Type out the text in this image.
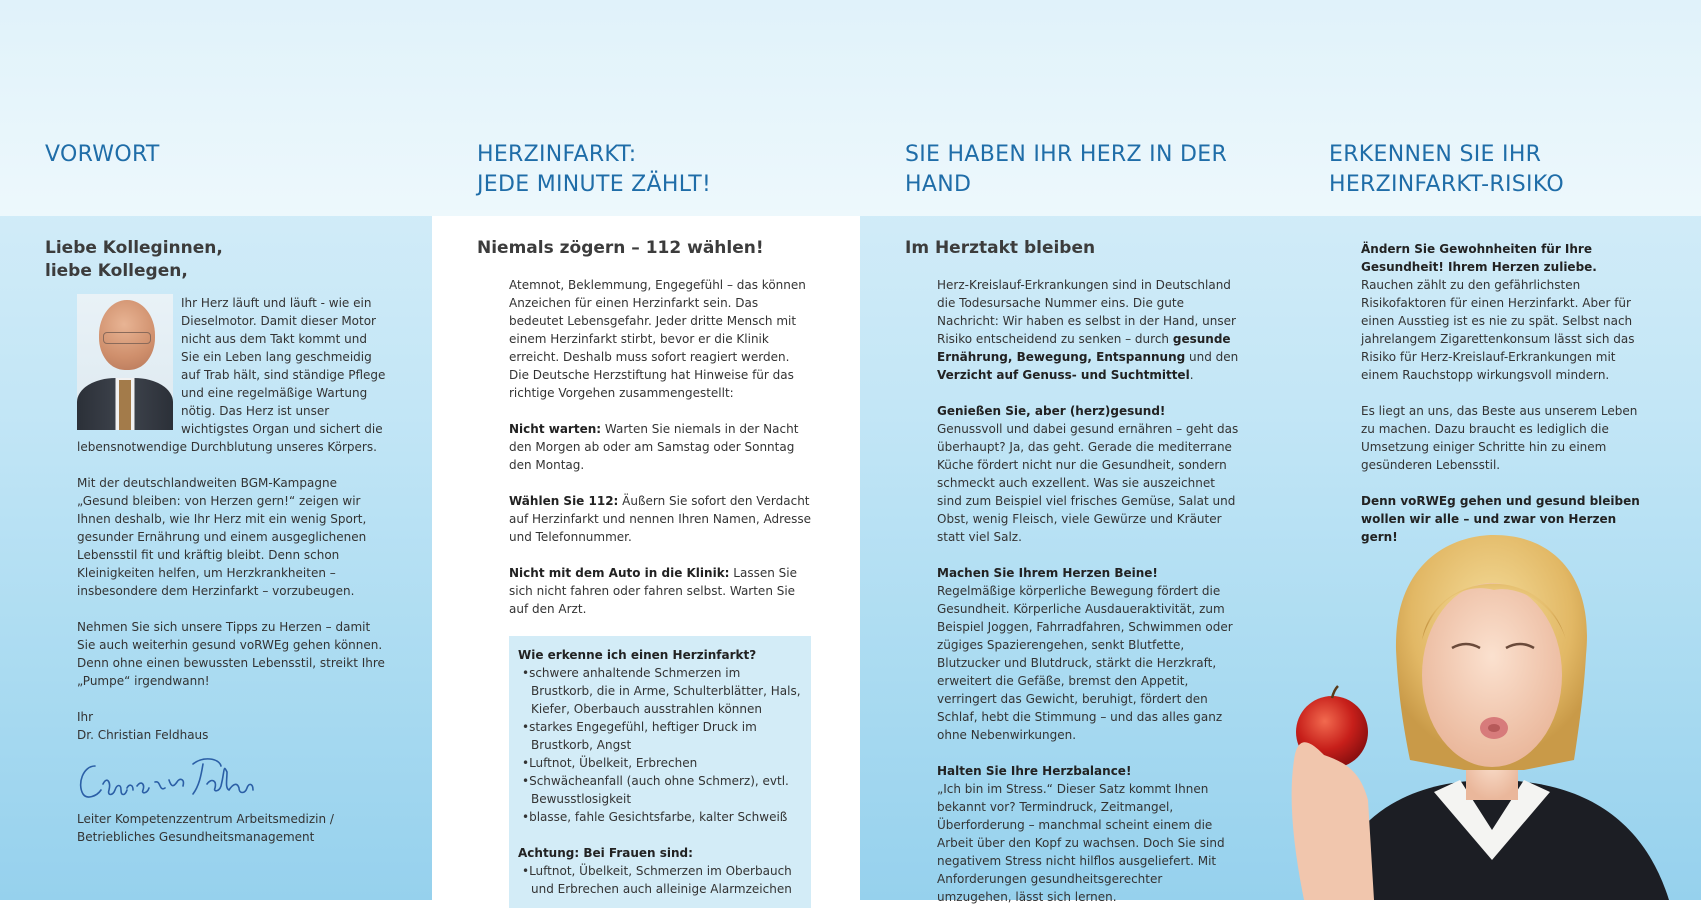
VORWORT
Liebe Kolleginnen,
liebe Kollegen,

Ihr Herz läuft und läuft - wie ein Dieselmotor. Damit dieser Motor nicht aus dem Takt kommt und Sie ein Leben lang geschmeidig auf Trab hält, sind ständige Pflege und eine regelmäßige Wartung nötig. Das Herz ist unser wichtigstes Organ und sichert die lebensnotwendige Durchblutung unseres Körpers.

Mit der deutschlandweiten BGM-Kampagne „Gesund bleiben: von Herzen gern!“ zeigen wir Ihnen deshalb, wie Ihr Herz mit ein wenig Sport, gesunder Ernährung und einem ausgeglichenen Lebensstil fit und kräftig bleibt. Denn schon Kleinigkeiten helfen, um Herzkrankheiten – insbesondere dem Herzinfarkt – vorzubeugen.

Nehmen Sie sich unsere Tipps zu Herzen – damit Sie auch weiterhin gesund voRWEg gehen können. Denn ohne einen bewussten Lebensstil, streikt Ihre „Pumpe“ irgendwann!

Ihr
Dr. Christian Feldhaus
Leiter Kompetenzzentrum Arbeitsmedizin / Betriebliches Gesundheitsmanagement
HERZINFARKT:
JEDE MINUTE ZÄHLT!
Niemals zögern – 112 wählen!

Atemnot, Beklemmung, Engegefühl – das können Anzeichen für einen Herzinfarkt sein. Das bedeutet Lebensgefahr. Jeder dritte Mensch mit einem Herzinfarkt stirbt, bevor er die Klinik erreicht. Deshalb muss sofort reagiert werden. Die Deutsche Herzstiftung hat Hinweise für das richtige Vorgehen zusammengestellt:

Nicht warten: Warten Sie niemals in der Nacht den Morgen ab oder am Samstag oder Sonntag den Montag.

Wählen Sie 112: Äußern Sie sofort den Verdacht auf Herzinfarkt und nennen Ihren Namen, Adresse und Telefonnummer.

Nicht mit dem Auto in die Klinik: Lassen Sie sich nicht fahren oder fahren selbst. Warten Sie auf den Arzt.

Wie erkenne ich einen Herzinfarkt?

• schwere anhaltende Schmerzen im Brustkorb, die in Arme, Schulterblätter, Hals, Kiefer, Oberbauch ausstrahlen können
• starkes Engegefühl, heftiger Druck im Brustkorb, Angst
• Luftnot, Übelkeit, Erbrechen
• Schwächeanfall (auch ohne Schmerz), evtl. Bewusstlosigkeit
• blasse, fahle Gesichtsfarbe, kalter Schweiß

Achtung: Bei Frauen sind:

• Luftnot, Übelkeit, Schmerzen im Oberbauch und Erbrechen auch alleinige Alarmzeichen
SIE HABEN IHR HERZ IN DER HAND
Im Herztakt bleiben

Herz-Kreislauf-Erkrankungen sind in Deutschland die Todesursache Nummer eins. Die gute Nachricht: Wir haben es selbst in der Hand, unser Risiko entscheidend zu senken – durch gesunde Ernährung, Bewegung, Entspannung und den Verzicht auf Genuss- und Suchtmittel.

Genießen Sie, aber (herz)gesund!
Genussvoll und dabei gesund ernähren – geht das überhaupt? Ja, das geht. Gerade die mediterrane Küche fördert nicht nur die Gesundheit, sondern schmeckt auch exzellent. Was sie auszeichnet sind zum Beispiel viel frisches Gemüse, Salat und Obst, wenig Fleisch, viele Gewürze und Kräuter statt viel Salz.

Machen Sie Ihrem Herzen Beine!
Regelmäßige körperliche Bewegung fördert die Gesundheit. Körperliche Ausdaueraktivität, zum Beispiel Joggen, Fahrradfahren, Schwimmen oder zügiges Spazierengehen, senkt Blutfette, Blutzucker und Blutdruck, stärkt die Herzkraft, erweitert die Gefäße, bremst den Appetit, verringert das Gewicht, beruhigt, fördert den Schlaf, hebt die Stimmung – und das alles ganz ohne Nebenwirkungen.

Halten Sie Ihre Herzbalance!
„Ich bin im Stress.“ Dieser Satz kommt Ihnen bekannt vor? Termindruck, Zeitmangel, Überforderung – manchmal scheint einem die Arbeit über den Kopf zu wachsen. Doch Sie sind negativem Stress nicht hilflos ausgeliefert. Mit Anforderungen gesundheitsgerechter umzugehen, lässt sich lernen.

ERKENNEN SIE IHR
HERZINFARKT-RISIKO

Ändern Sie Gewohnheiten für Ihre Gesundheit! Ihrem Herzen zuliebe.
Rauchen zählt zu den gefährlichsten Risikofaktoren für einen Herzinfarkt. Aber für einen Ausstieg ist es nie zu spät. Selbst nach jahrelangem Zigarettenkonsum lässt sich das Risiko für Herz-Kreislauf-Erkrankungen mit einem Rauchstopp wirkungsvoll mindern.

Es liegt an uns, das Beste aus unserem Leben zu machen. Dazu braucht es lediglich die Umsetzung einiger Schritte hin zu einem gesünderen Lebensstil.

Denn voRWEg gehen und gesund bleiben wollen wir alle – und zwar von Herzen gern!
